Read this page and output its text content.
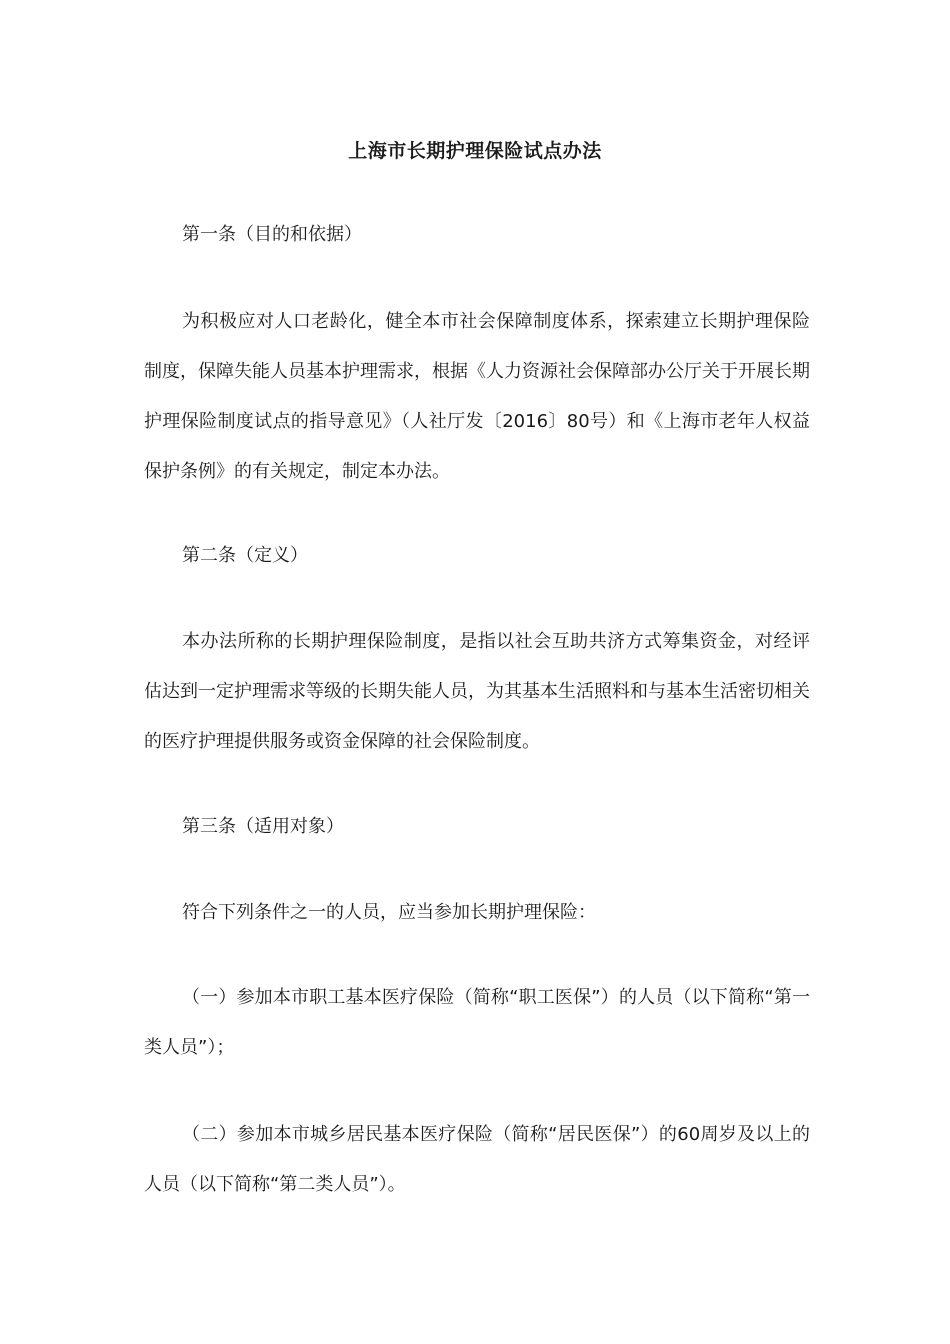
上海市长期护理保险试点办法

第一条（目的和依据）

为积极应对人口老龄化，健全本市社会保障制度体系，探索建立长期护理保险制度，保障失能人员基本护理需求，根据《人力资源社会保障部办公厅关于开展长期护理保险制度试点的指导意见》（人社厅发〔2016〕80号）和《上海市老年人权益保护条例》的有关规定，制定本办法。

第二条（定义）

本办法所称的长期护理保险制度，是指以社会互助共济方式筹集资金，对经评估达到一定护理需求等级的长期失能人员，为其基本生活照料和与基本生活密切相关的医疗护理提供服务或资金保障的社会保险制度。

第三条（适用对象）

符合下列条件之一的人员，应当参加长期护理保险：

（一）参加本市职工基本医疗保险（简称“职工医保”）的人员（以下简称“第一类人员”）；

（二）参加本市城乡居民基本医疗保险（简称“居民医保”）的60周岁及以上的人员（以下简称“第二类人员”）。
